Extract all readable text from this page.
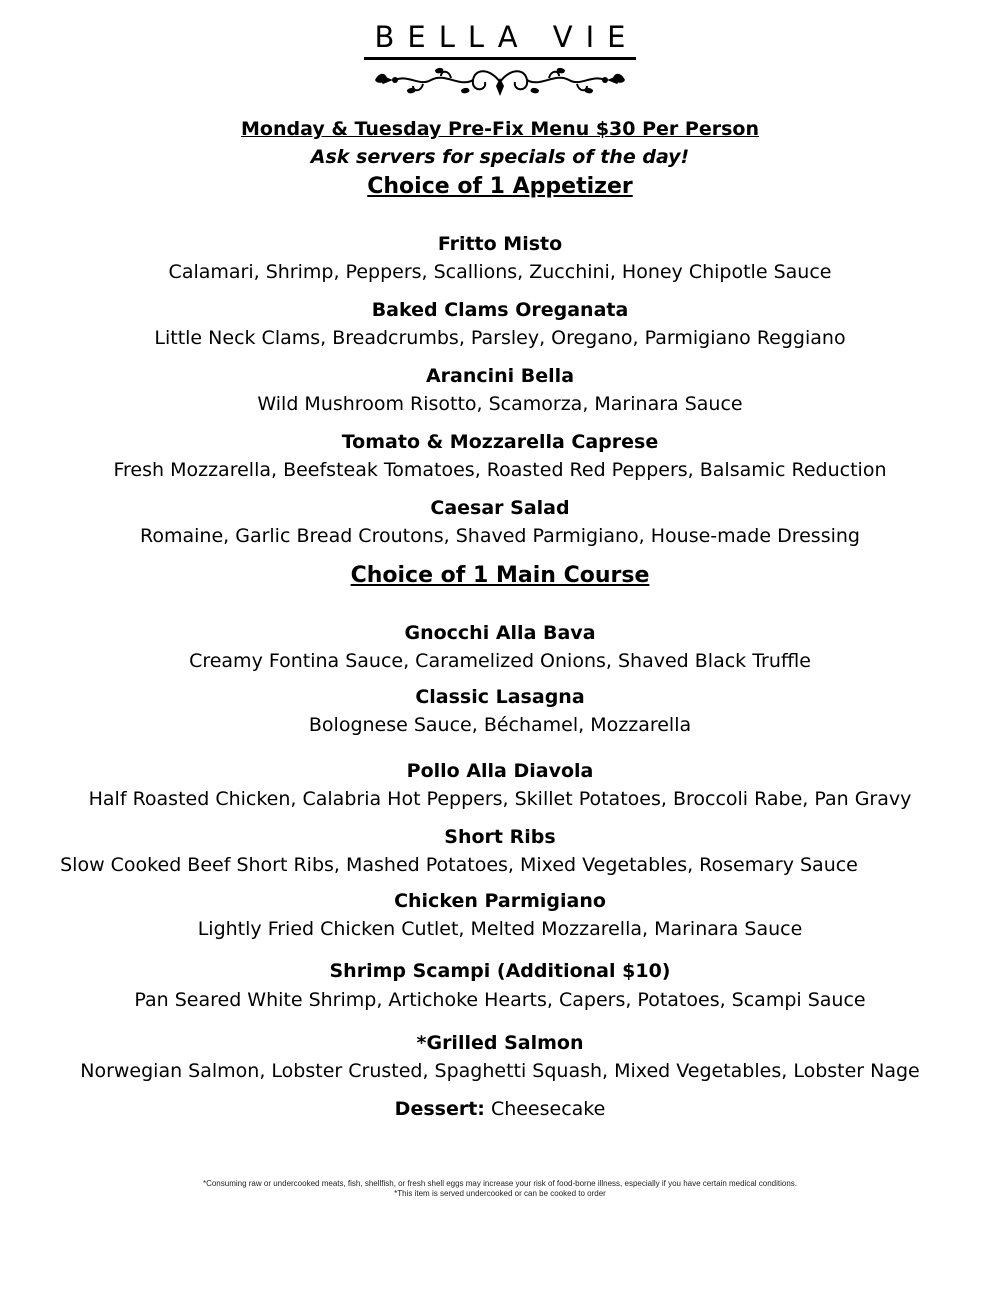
BELLA VIE
Monday & Tuesday Pre-Fix Menu $30 Per Person
Ask servers for specials of the day!
Choice of 1 Appetizer
Fritto Misto
Calamari, Shrimp, Peppers, Scallions, Zucchini, Honey Chipotle Sauce
Baked Clams Oreganata
Little Neck Clams, Breadcrumbs, Parsley, Oregano, Parmigiano Reggiano
Arancini Bella
Wild Mushroom Risotto, Scamorza, Marinara Sauce
Tomato & Mozzarella Caprese
Fresh Mozzarella, Beefsteak Tomatoes, Roasted Red Peppers, Balsamic Reduction
Caesar Salad
Romaine, Garlic Bread Croutons, Shaved Parmigiano, House-made Dressing
Choice of 1 Main Course
Gnocchi Alla Bava
Creamy Fontina Sauce, Caramelized Onions, Shaved Black Truffle
Classic Lasagna
Bolognese Sauce, Béchamel, Mozzarella
Pollo Alla Diavola
Half Roasted Chicken, Calabria Hot Peppers, Skillet Potatoes, Broccoli Rabe, Pan Gravy
Short Ribs
Slow Cooked Beef Short Ribs, Mashed Potatoes, Mixed Vegetables, Rosemary Sauce
Chicken Parmigiano
Lightly Fried Chicken Cutlet, Melted Mozzarella, Marinara Sauce
Shrimp Scampi (Additional $10)
Pan Seared White Shrimp, Artichoke Hearts, Capers, Potatoes, Scampi Sauce
*Grilled Salmon
Norwegian Salmon, Lobster Crusted, Spaghetti Squash, Mixed Vegetables, Lobster Nage
Dessert: Cheesecake
*Consuming raw or undercooked meats, fish, shellfish, or fresh shell eggs may increase your risk of food-borne illness, especially if you have certain medical conditions.
*This item is served undercooked or can be cooked to order
